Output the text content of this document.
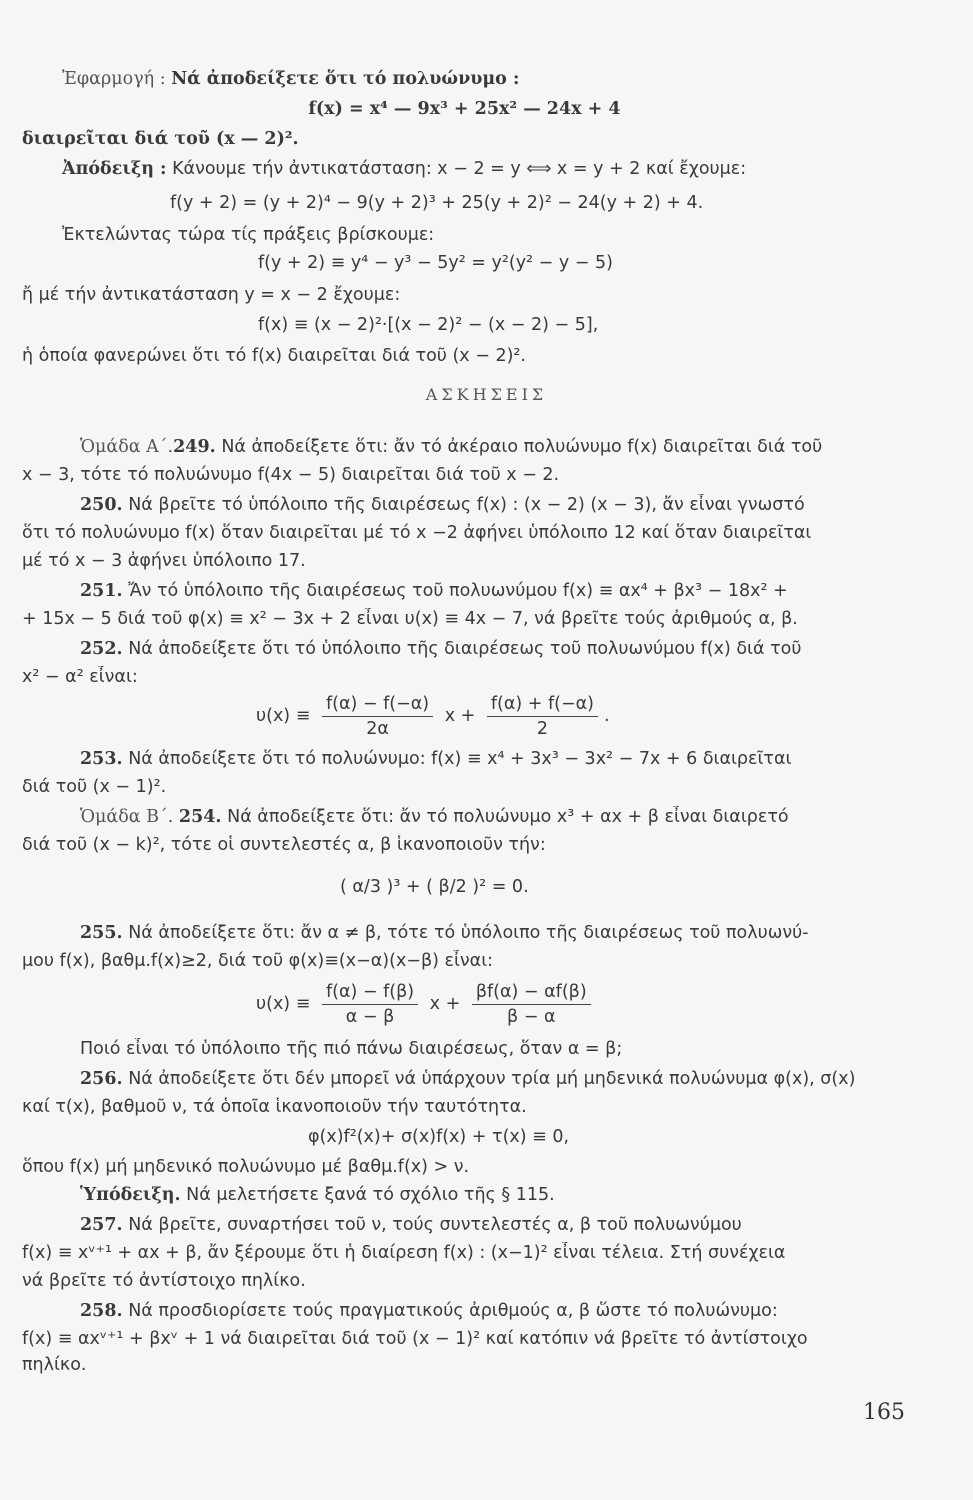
Ἐφαρμογή : Νά ἀποδείξετε ὅτι τό πολυώνυμο :
f(x) = x⁴ — 9x³ + 25x² — 24x + 4
διαιρεῖται διά τοῦ (x — 2)².
Ἀπόδειξη : Κάνουμε τήν ἀντικατάσταση: x − 2 = y ⟺ x = y + 2 καί ἔχουμε:
f(y + 2) = (y + 2)⁴ − 9(y + 2)³ + 25(y + 2)² − 24(y + 2) + 4.
Ἐκτελώντας τώρα τίς πράξεις βρίσκουμε:
f(y + 2) ≡ y⁴ − y³ − 5y² = y²(y² − y − 5)
ἤ μέ τήν ἀντικατάσταση y = x − 2 ἔχουμε:
f(x) ≡ (x − 2)²·[(x − 2)² − (x − 2) − 5],
ἡ ὁποία φανερώνει ὅτι τό f(x) διαιρεῖται διά τοῦ (x − 2)².
ΑΣΚΗΣΕΙΣ
Ὁμάδα Α΄.249. Νά ἀποδείξετε ὅτι: ἄν τό ἀκέραιο πολυώνυμο f(x) διαιρεῖται διά τοῦ
x − 3, τότε τό πολυώνυμο f(4x − 5) διαιρεῖται διά τοῦ x − 2.
250. Νά βρεῖτε τό ὑπόλοιπο τῆς διαιρέσεως f(x) : (x − 2) (x − 3), ἄν εἶναι γνωστό
ὅτι τό πολυώνυμο f(x) ὅταν διαιρεῖται μέ τό x −2 ἀφήνει ὑπόλοιπο 12 καί ὅταν διαιρεῖται
μέ τό x − 3 ἀφήνει ὑπόλοιπο 17.
251. Ἄν τό ὑπόλοιπο τῆς διαιρέσεως τοῦ πολυωνύμου f(x) ≡ αx⁴ + βx³ − 18x² +
+ 15x − 5 διά τοῦ φ(x) ≡ x² − 3x + 2 εἶναι υ(x) ≡ 4x − 7, νά βρεῖτε τούς ἀριθμούς α, β.
252. Νά ἀποδείξετε ὅτι τό ὑπόλοιπο τῆς διαιρέσεως τοῦ πολυωνύμου f(x) διά τοῦ
x² − α² εἶναι:
$\upsilon(x) \equiv \frac{f(\alpha) - f(-\alpha)}{2\alpha}$ $x + \frac{f(\alpha) + f(-\alpha)}{2}$ .
253. Νά ἀποδείξετε ὅτι τό πολυώνυμο: f(x) ≡ x⁴ + 3x³ − 3x² − 7x + 6 διαιρεῖται
διά τοῦ (x − 1)².
Ὁμάδα Β΄. 254. Νά ἀποδείξετε ὅτι: ἄν τό πολυώνυμο x³ + αx + β εἶναι διαιρετό
διά τοῦ (x − k)², τότε οἱ συντελεστές α, β ἱκανοποιοῦν τήν:
( α/3 )³ + ( β/2 )² = 0.
255. Νά ἀποδείξετε ὅτι: ἄν α ≠ β, τότε τό ὑπόλοιπο τῆς διαιρέσεως τοῦ πολυωνύ-
μου f(x), βαθμ.f(x)≥2, διά τοῦ φ(x)≡(x−α)(x−β) εἶναι:
$\upsilon(x) \equiv \frac{f(\alpha) - f(\beta)}{\alpha - \beta}$ $x + \frac{\beta f(\alpha) - \alpha f(\beta)}{\beta - \alpha}$
Ποιό εἶναι τό ὑπόλοιπο τῆς πιό πάνω διαιρέσεως, ὅταν α = β;
256. Νά ἀποδείξετε ὅτι δέν μπορεῖ νά ὑπάρχουν τρία μή μηδενικά πολυώνυμα φ(x), σ(x)
καί τ(x), βαθμοῦ ν, τά ὁποῖα ἱκανοποιοῦν τήν ταυτότητα.
φ(x)f²(x)+ σ(x)f(x) + τ(x) ≡ 0,
ὅπου f(x) μή μηδενικό πολυώνυμο μέ βαθμ.f(x) > ν.
Ὑπόδειξη. Νά μελετήσετε ξανά τό σχόλιο τῆς § 115.
257. Νά βρεῖτε, συναρτήσει τοῦ ν, τούς συντελεστές α, β τοῦ πολυωνύμου
f(x) ≡ xᵛ⁺¹ + αx + β, ἄν ξέρουμε ὅτι ἡ διαίρεση f(x) : (x−1)² εἶναι τέλεια. Στή συνέχεια
νά βρεῖτε τό ἀντίστοιχο πηλίκο.
258. Νά προσδιορίσετε τούς πραγματικούς ἀριθμούς α, β ὥστε τό πολυώνυμο:
f(x) ≡ αxᵛ⁺¹ + βxᵛ + 1 νά διαιρεῖται διά τοῦ (x − 1)² καί κατόπιν νά βρεῖτε τό ἀντίστοιχο
πηλίκο.
165
